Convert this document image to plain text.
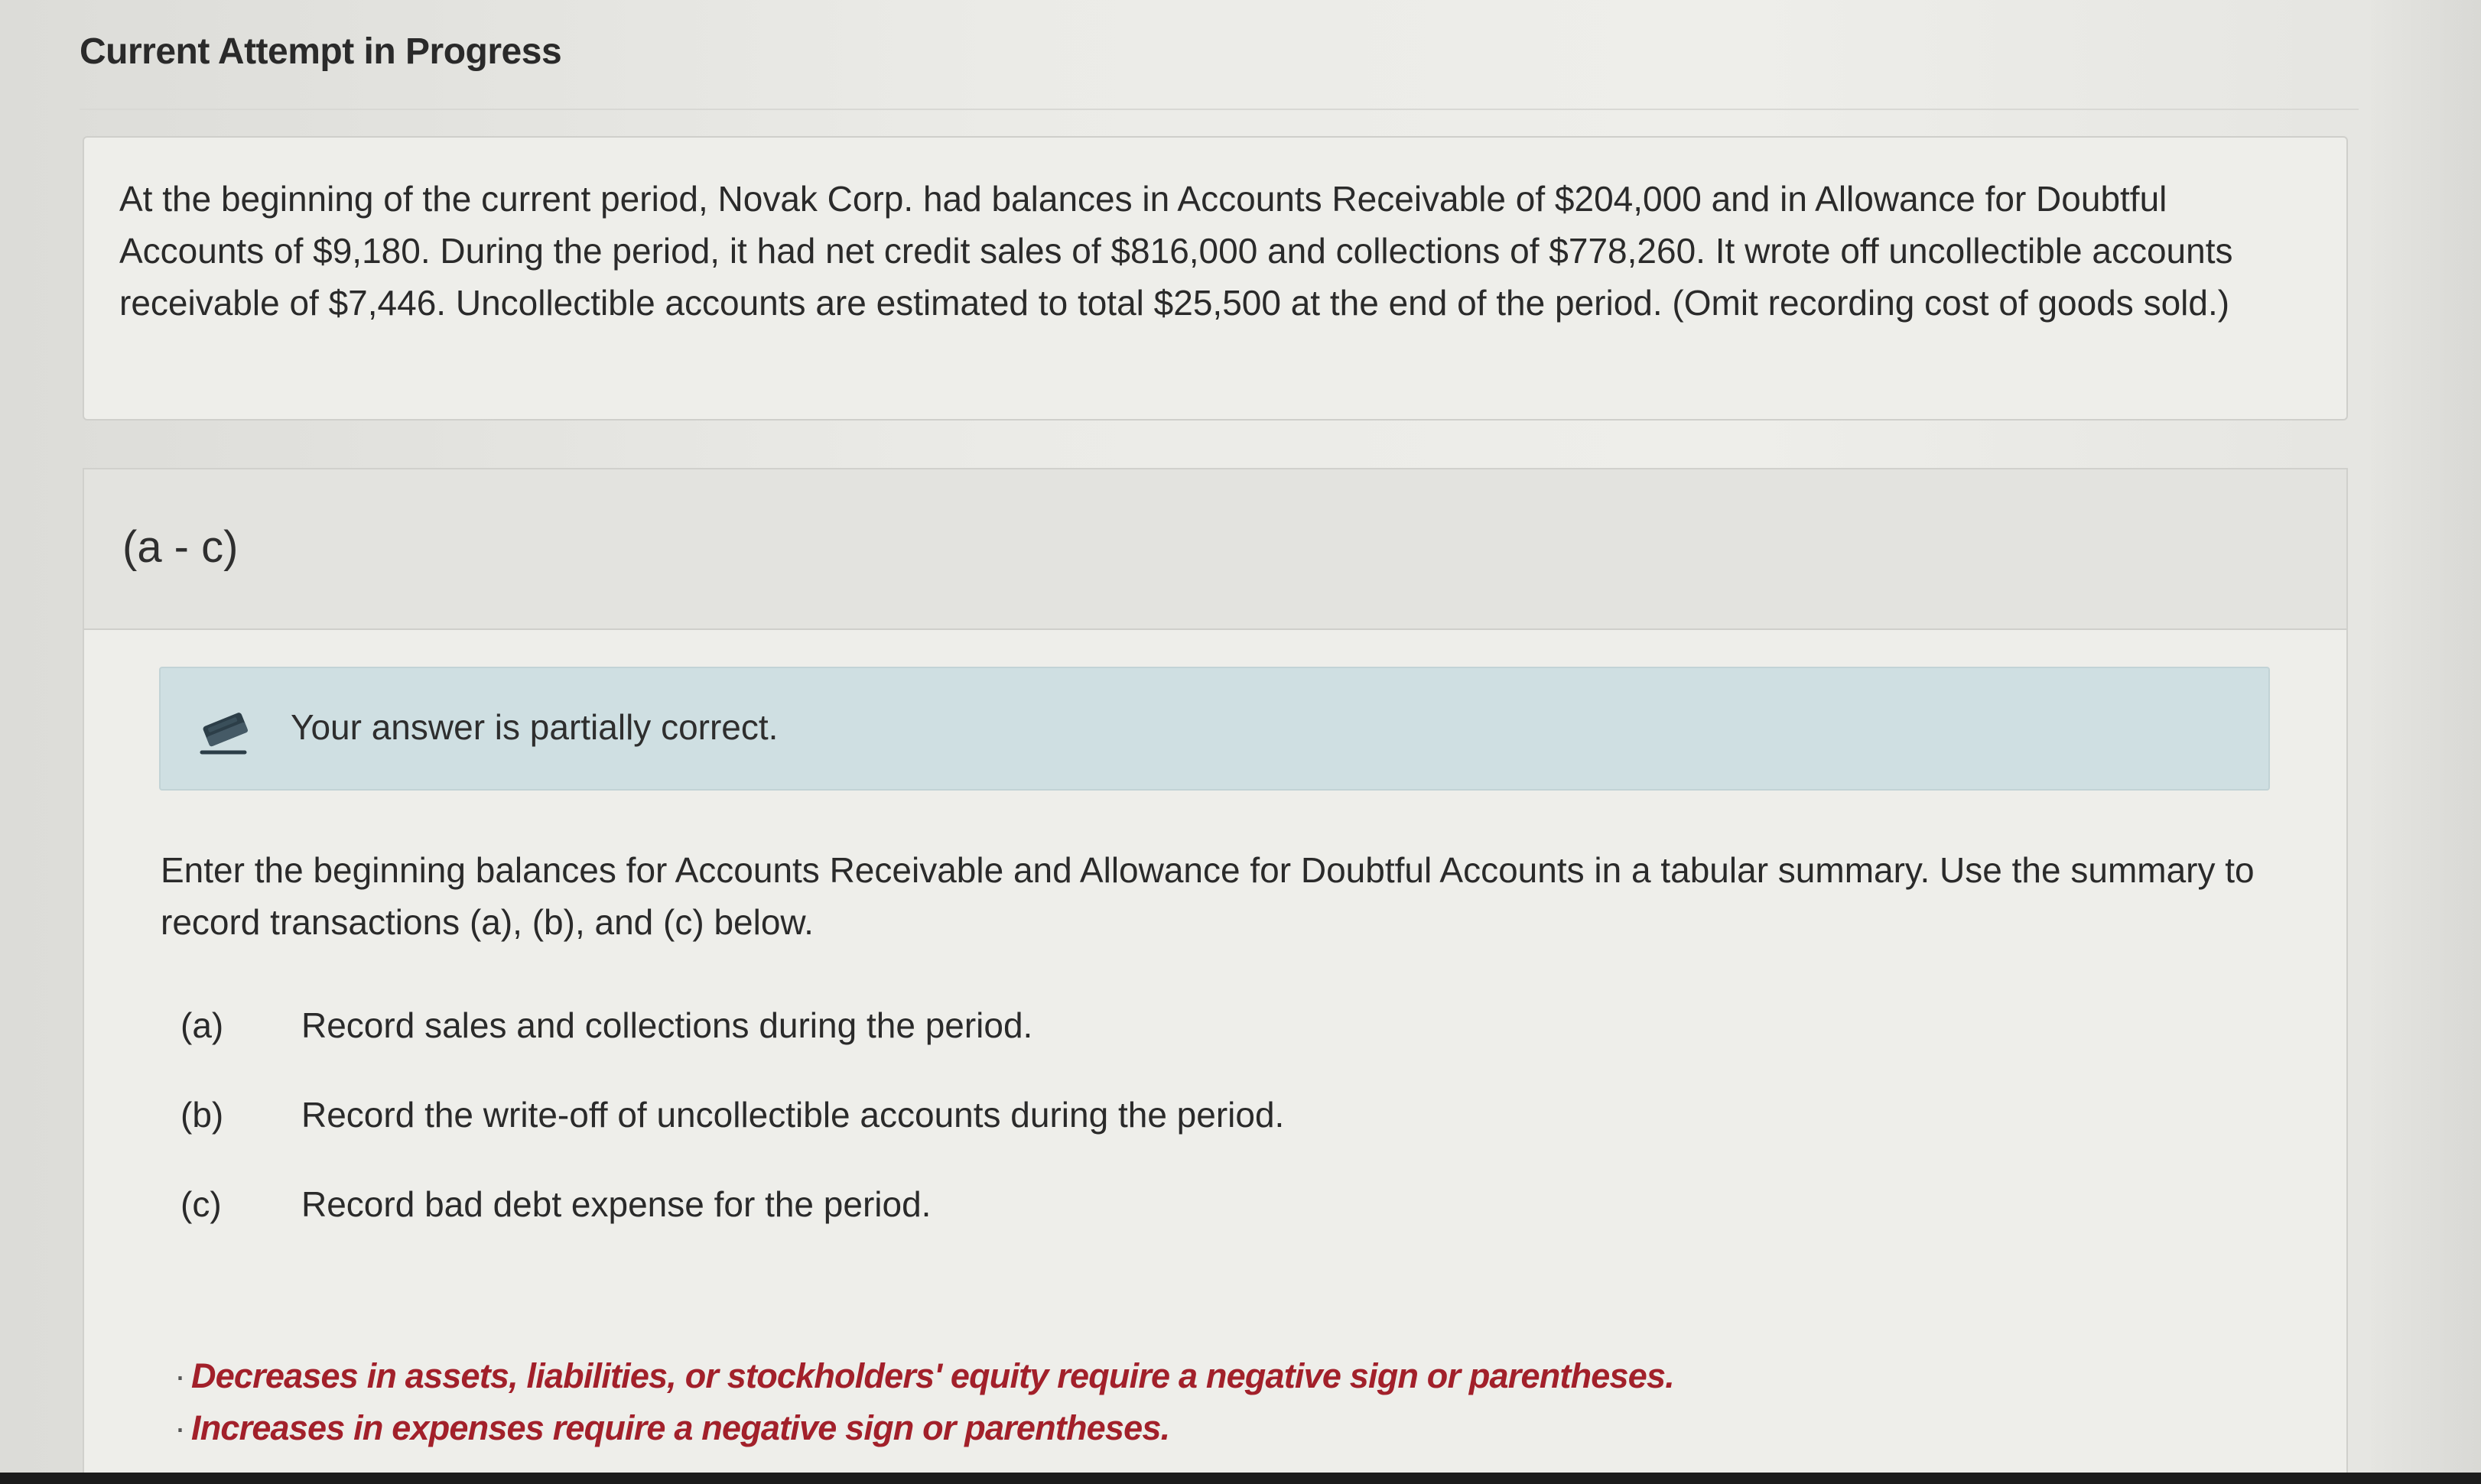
Current Attempt in Progress
At the beginning of the current period, Novak Corp. had balances in Accounts Receivable of $204,000 and in Allowance for Doubtful Accounts of $9,180. During the period, it had net credit sales of $816,000 and collections of $778,260. It wrote off uncollectible accounts receivable of $7,446. Uncollectible accounts are estimated to total $25,500 at the end of the period. (Omit recording cost of goods sold.)
(a - c)
Your answer is partially correct.
Enter the beginning balances for Accounts Receivable and Allowance for Doubtful Accounts in a tabular summary. Use the summary to record transactions (a), (b), and (c) below.
(a) Record sales and collections during the period.
(b) Record the write-off of uncollectible accounts during the period.
(c) Record bad debt expense for the period.
· Decreases in assets, liabilities, or stockholders' equity require a negative sign or parentheses.
· Increases in expenses require a negative sign or parentheses.
